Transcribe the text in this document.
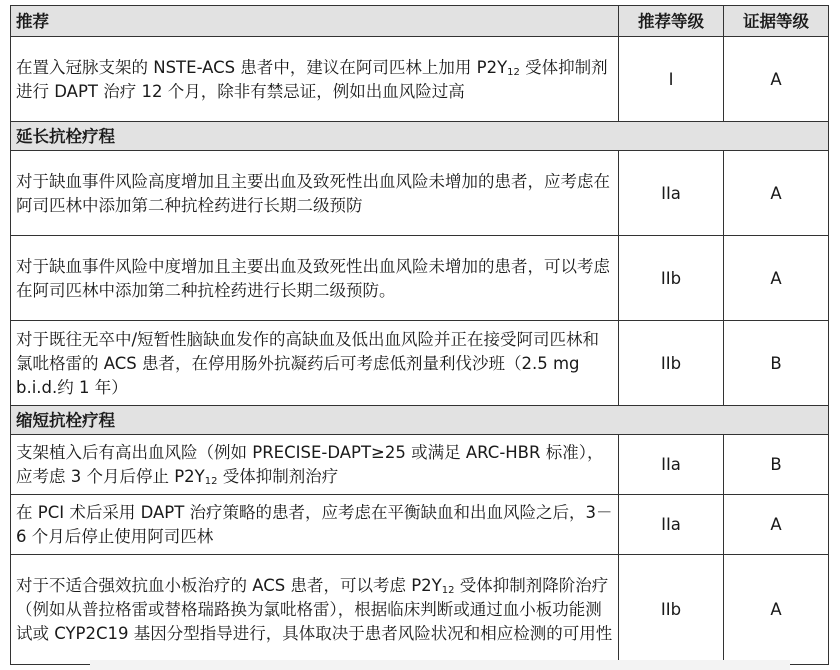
推荐	推荐等级	证据等级
在置入冠脉支架的 NSTE-ACS 患者中，建议在阿司匹林上加用 $P2Y_{12}$ 受体抑制剂进行 DAPT 治疗 12 个月，除非有禁忌证，例如出血风险过高	I	A
延长抗栓疗程		
对于缺血事件风险高度增加且主要出血及致死性出血风险未增加的患者，应考虑在阿司匹林中添加第二种抗栓药进行长期二级预防	IIa	A
对于缺血事件风险中度增加且主要出血及致死性出血风险未增加的患者，可以考虑在阿司匹林中添加第二种抗栓药进行长期二级预防。	IIb	A
对于既往无卒中/短暂性脑缺血发作的高缺血及低出血风险并正在接受阿司匹林和氯吡格雷的 ACS 患者，在停用肠外抗凝药后可考虑低剂量利伐沙班（2.5 mg b.i.d.约 1 年）	IIb	B
缩短抗栓疗程		
支架植入后有高出血风险（例如 PRECISE-DAPT≥25 或满足 ARC-HBR 标准），应考虑 3 个月后停止 $P2Y_{12}$ 受体抑制剂治疗	IIa	B
在 PCI 术后采用 DAPT 治疗策略的患者，应考虑在平衡缺血和出血风险之后，3－6 个月后停止使用阿司匹林	IIa	A
对于不适合强效抗血小板治疗的 ACS 患者，可以考虑 $P2Y_{12}$ 受体抑制剂降阶治疗（例如从普拉格雷或替格瑞路换为氯吡格雷），根据临床判断或通过血小板功能测试或 CYP2C19 基因分型指导进行，具体取决于患者风险状况和相应检测的可用性	IIb	A
